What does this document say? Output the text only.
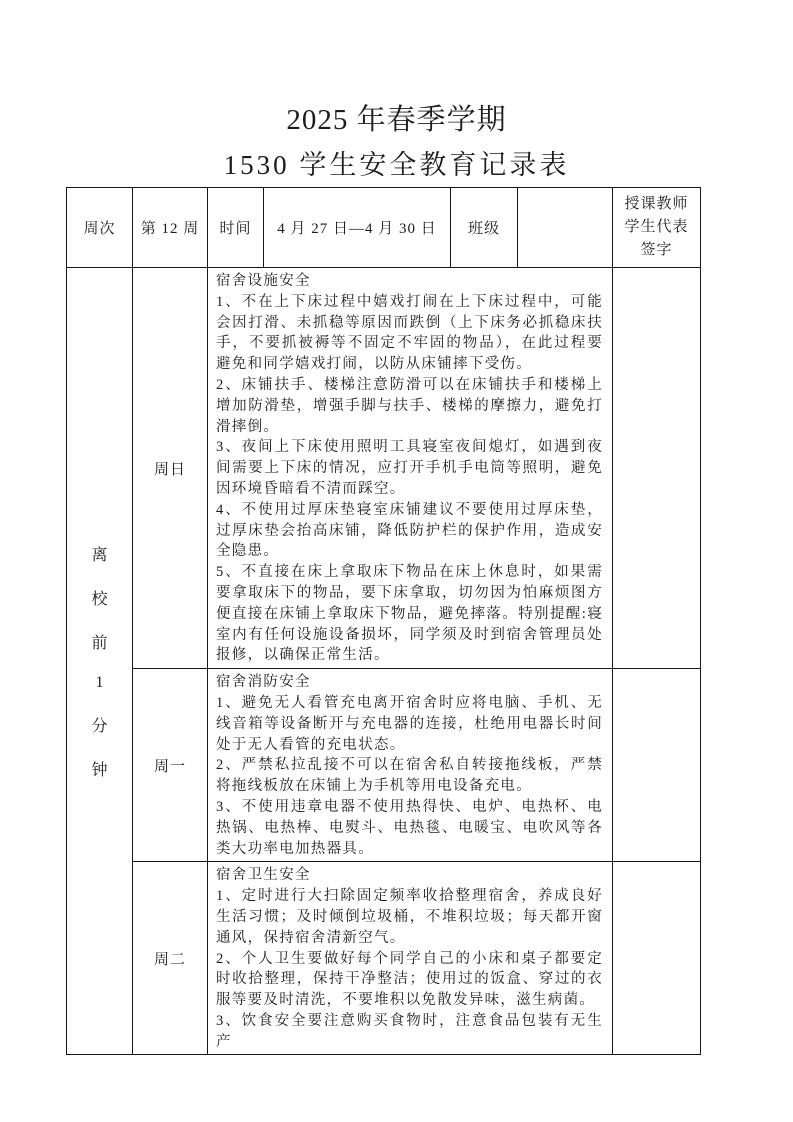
2025 年春季学期
1530 学生安全教育记录表
周次	第 12 周	时间	4 月 27 日—4 月 30 日	班级		授课教师
学生代表
签字

离
校
前
1
分
钟
	周日	
宿舍设施安全
1、不在上下床过程中嬉戏打闹在上下床过程中，可能会因打滑、未抓稳等原因而跌倒（上下床务必抓稳床扶手，不要抓被褥等不固定不牢固的物品），在此过程要避免和同学嬉戏打闹，以防从床铺摔下受伤。
2、床铺扶手、楼梯注意防滑可以在床铺扶手和楼梯上增加防滑垫，增强手脚与扶手、楼梯的摩擦力，避免打滑摔倒。
3、夜间上下床使用照明工具寝室夜间熄灯，如遇到夜间需要上下床的情况，应打开手机手电筒等照明，避免因环境昏暗看不清而踩空。
4、不使用过厚床垫寝室床铺建议不要使用过厚床垫，过厚床垫会抬高床铺，降低防护栏的保护作用，造成安全隐患。
5、不直接在床上拿取床下物品在床上休息时，如果需要拿取床下的物品，要下床拿取，切勿因为怕麻烦图方便直接在床铺上拿取床下物品，避免摔落。特别提醒:寝室内有任何设施设备损坏，同学须及时到宿舍管理员处报修，以确保正常生活。

	周一	宿舍消防安全
1、避免无人看管充电离开宿舍时应将电脑、手机、无线音箱等设备断开与充电器的连接，杜绝用电器长时间处于无人看管的充电状态。
2、严禁私拉乱接不可以在宿舍私自转接拖线板，严禁将拖线板放在床铺上为手机等用电设备充电。
3、不使用违章电器不使用热得快、电炉、电热杯、电热锅、电热棒、电熨斗、电热毯、电暖宝、电吹风等各类大功率电加热器具。				

	周二	宿舍卫生安全
1、定时进行大扫除固定频率收拾整理宿舍，养成良好生活习惯；及时倾倒垃圾桶，不堆积垃圾；每天都开窗通风，保持宿舍清新空气。
2、个人卫生要做好每个同学自己的小床和桌子都要定时收拾整理，保持干净整洁；使用过的饭盒、穿过的衣服等要及时清洗，不要堆积以免散发异味，滋生病菌。
3、饮食安全要注意购买食物时，注意食品包装有无生产				
